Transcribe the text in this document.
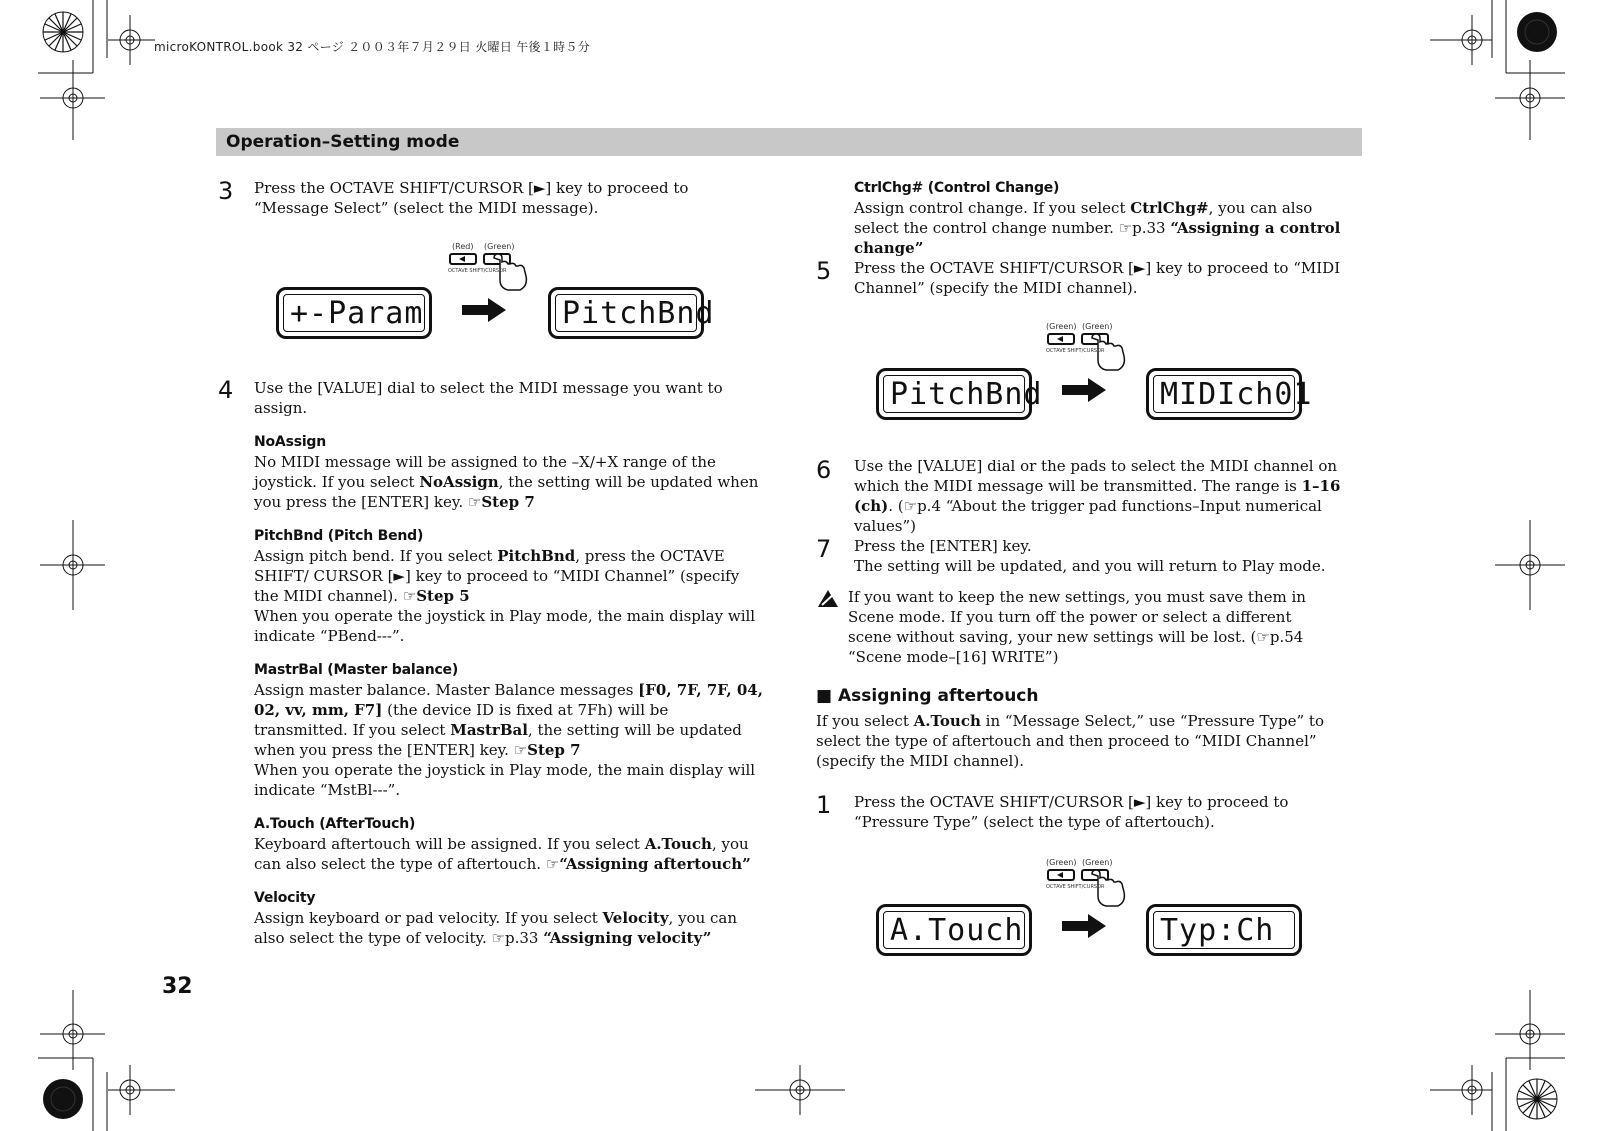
microKONTROL.book 32 ページ ２００３年７月２９日 火曜日 午後１時５分
Operation–Setting mode
3 Press the OCTAVE SHIFT/CURSOR [►] key to proceed to “Message Select” (select the MIDI message).

(Red) (Green)
OCTAVE SHIFT/CURSOR
+-Param	PitchBnd
4 Use the [VALUE] dial to select the MIDI message you want to assign.

NoAssign

No MIDI message will be assigned to the –X/+X range of the joystick. If you select NoAssign, the setting will be updated when you press the [ENTER] key. ☞Step 7

PitchBnd (Pitch Bend)

Assign pitch bend. If you select PitchBnd, press the OCTAVE SHIFT/ CURSOR [►] key to proceed to “MIDI Channel” (specify the MIDI channel). ☞Step 5

When you operate the joystick in Play mode, the main display will indicate “PBend---”.

MastrBal (Master balance)

Assign master balance. Master Balance messages [F0, 7F, 7F, 04, 02, vv, mm, F7] (the device ID is fixed at 7Fh) will be transmitted. If you select MastrBal, the setting will be updated when you press the [ENTER] key. ☞Step 7

When you operate the joystick in Play mode, the main display will indicate “MstBl---”.

A.Touch (AfterTouch)

Keyboard aftertouch will be assigned. If you select A.Touch, you can also select the type of aftertouch. ☞“Assigning aftertouch”

Velocity

Assign keyboard or pad velocity. If you select Velocity, you can also select the type of velocity. ☞p.33 “Assigning velocity”

32

CtrlChg# (Control Change)

Assign control change. If you select CtrlChg#, you can also select the control change number. ☞p.33 “Assigning a control change”

5 Press the OCTAVE SHIFT/CURSOR [►] key to proceed to “MIDI Channel” (specify the MIDI channel).

(Green) (Green)
OCTAVE SHIFT/CURSOR
PitchBnd	MIDIch01
6 Use the [VALUE] dial or the pads to select the MIDI channel on which the MIDI message will be transmitted. The range is 1–16 (ch). (☞p.4 “About the trigger pad functions–Input numerical values”)

7 Press the [ENTER] key.

The setting will be updated, and you will return to Play mode.

If you want to keep the new settings, you must save them in Scene mode. If you turn off the power or select a different scene without saving, your new settings will be lost. (☞p.54 “Scene mode–[16] WRITE”)

■ Assigning aftertouch

If you select A.Touch in “Message Select,” use “Pressure Type” to select the type of aftertouch and then proceed to “MIDI Channel” (specify the MIDI channel).

1 Press the OCTAVE SHIFT/CURSOR [►] key to proceed to “Pressure Type” (select the type of aftertouch).

(Green) (Green)
OCTAVE SHIFT/CURSOR
A.Touch	Typ:Ch
